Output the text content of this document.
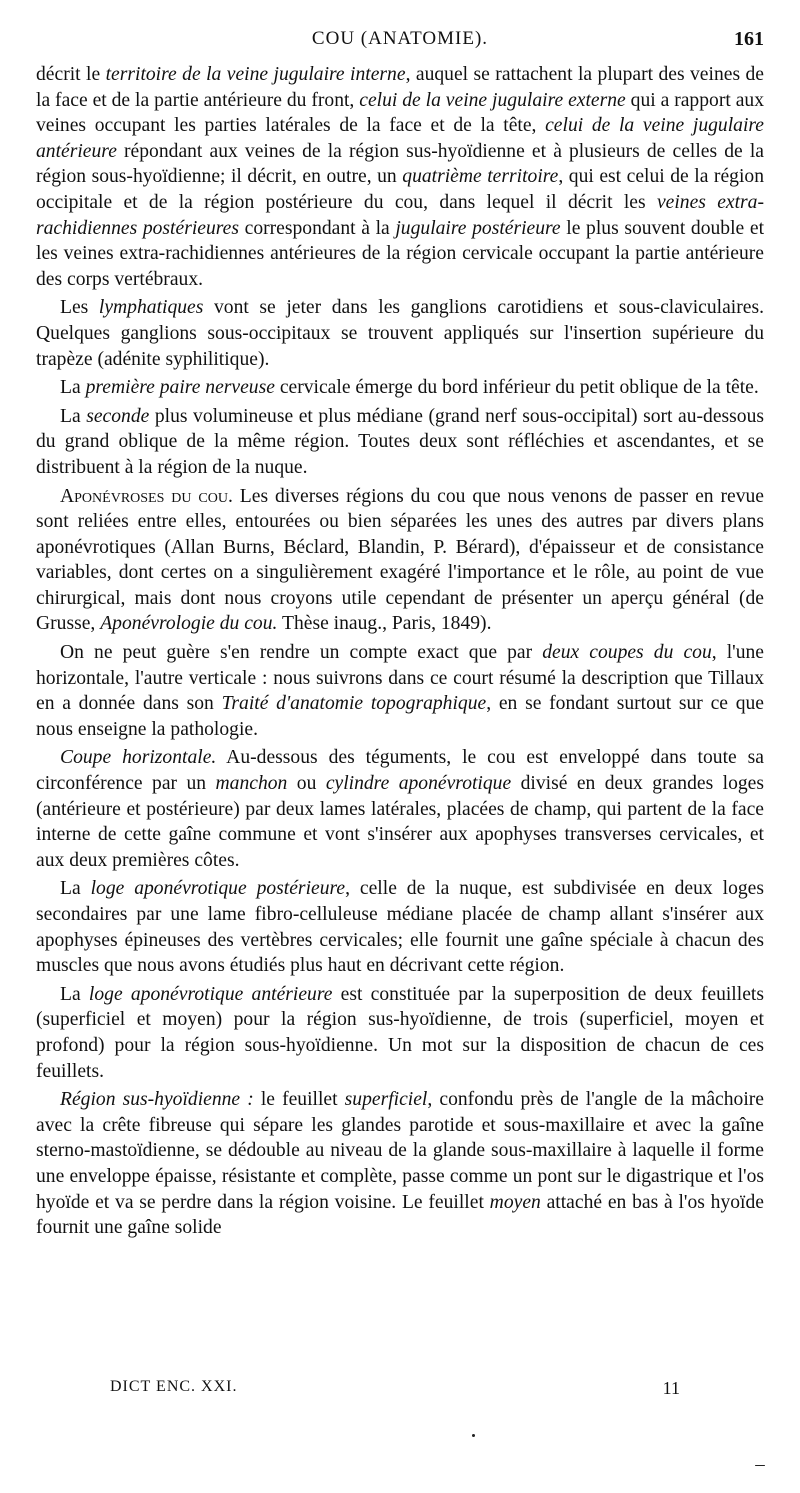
COU (ANATOMIE).	161

décrit le territoire de la veine jugulaire interne, auquel se rattachent la plupart des veines de la face et de la partie antérieure du front, celui de la veine jugulaire externe qui a rapport aux veines occupant les parties latérales de la face et de la tête, celui de la veine jugulaire antérieure répondant aux veines de la région sus-hyoïdienne et à plusieurs de celles de la région sous-hyoïdienne; il décrit, en outre, un quatrième territoire, qui est celui de la région occipitale et de la région postérieure du cou, dans lequel il décrit les veines extra-rachidiennes postérieures correspondant à la jugulaire postérieure le plus souvent double et les veines extra-rachidiennes antérieures de la région cervicale occupant la partie antérieure des corps vertébraux.

Les lymphatiques vont se jeter dans les ganglions carotidiens et sous-claviculaires. Quelques ganglions sous-occipitaux se trouvent appliqués sur l'insertion supérieure du trapèze (adénite syphilitique).

La première paire nerveuse cervicale émerge du bord inférieur du petit oblique de la tête.

La seconde plus volumineuse et plus médiane (grand nerf sous-occipital) sort au-dessous du grand oblique de la même région. Toutes deux sont réfléchies et ascendantes, et se distribuent à la région de la nuque.

Aponévroses du cou. Les diverses régions du cou que nous venons de passer en revue sont reliées entre elles, entourées ou bien séparées les unes des autres par divers plans aponévrotiques (Allan Burns, Béclard, Blandin, P. Bérard), d'épaisseur et de consistance variables, dont certes on a singulièrement exagéré l'importance et le rôle, au point de vue chirurgical, mais dont nous croyons utile cependant de présenter un aperçu général (de Grusse, Aponévrologie du cou. Thèse inaug., Paris, 1849).

On ne peut guère s'en rendre un compte exact que par deux coupes du cou, l'une horizontale, l'autre verticale : nous suivrons dans ce court résumé la description que Tillaux en a donnée dans son Traité d'anatomie topographique, en se fondant surtout sur ce que nous enseigne la pathologie.

Coupe horizontale. Au-dessous des téguments, le cou est enveloppé dans toute sa circonférence par un manchon ou cylindre aponévrotique divisé en deux grandes loges (antérieure et postérieure) par deux lames latérales, placées de champ, qui partent de la face interne de cette gaîne commune et vont s'insérer aux apophyses transverses cervicales, et aux deux premières côtes.

La loge aponévrotique postérieure, celle de la nuque, est subdivisée en deux loges secondaires par une lame fibro-celluleuse médiane placée de champ allant s'insérer aux apophyses épineuses des vertèbres cervicales; elle fournit une gaîne spéciale à chacun des muscles que nous avons étudiés plus haut en décrivant cette région.

La loge aponévrotique antérieure est constituée par la superposition de deux feuillets (superficiel et moyen) pour la région sus-hyoïdienne, de trois (superficiel, moyen et profond) pour la région sous-hyoïdienne. Un mot sur la disposition de chacun de ces feuillets.

Région sus-hyoïdienne : le feuillet superficiel, confondu près de l'angle de la mâchoire avec la crête fibreuse qui sépare les glandes parotide et sous-maxillaire et avec la gaîne sterno-mastoïdienne, se dédouble au niveau de la glande sous-maxillaire à laquelle il forme une enveloppe épaisse, résistante et complète, passe comme un pont sur le digastrique et l'os hyoïde et va se perdre dans la région voisine. Le feuillet moyen attaché en bas à l'os hyoïde fournit une gaîne solide

DICT ENC. XXI.	11
